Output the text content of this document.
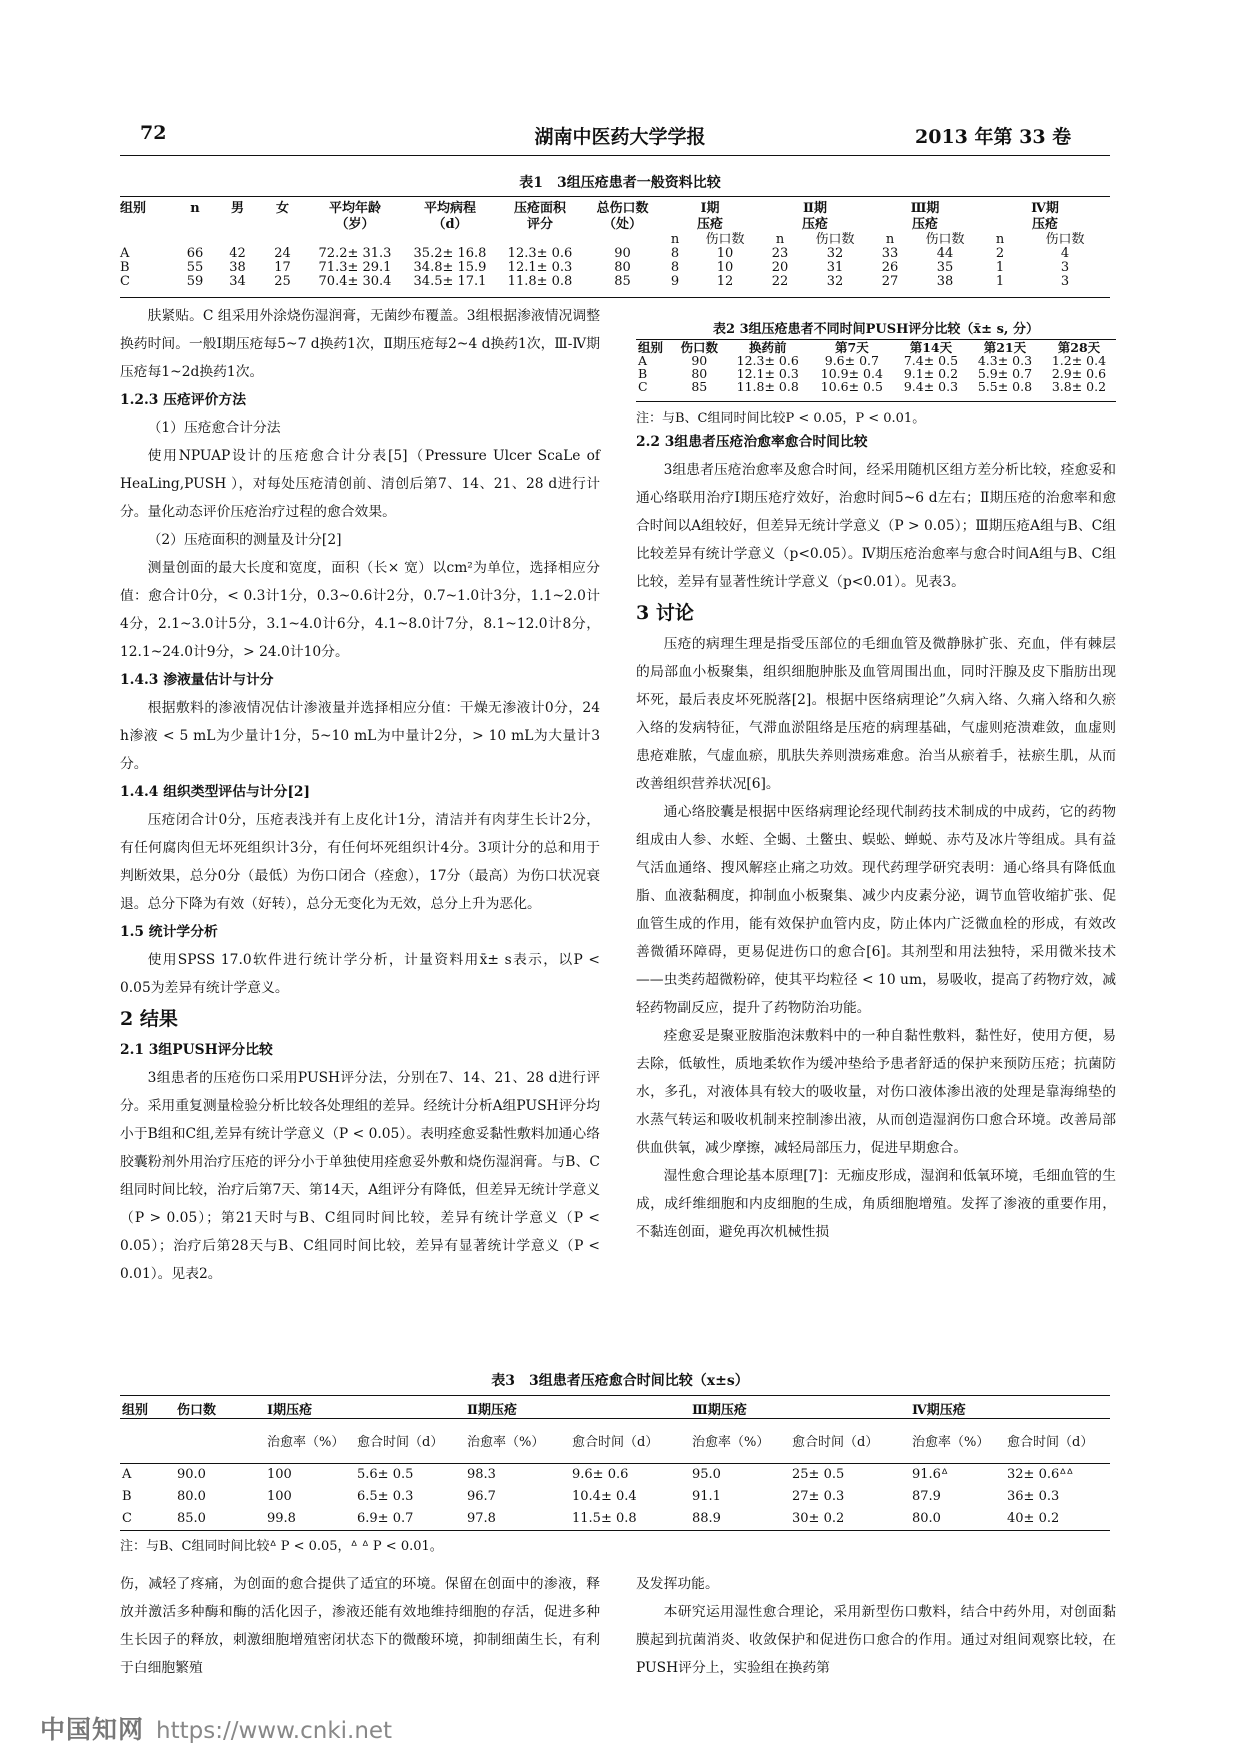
72	湖南中医药大学学报	2013 年第 33 卷
表1　3组压疮患者一般资料比较
组别	n	男	女	平均年龄	平均病程	压疮面积	总伤口数	Ⅰ期		Ⅱ期		Ⅲ期		Ⅳ期	
				（岁）	（d）	评分	（处）	压疮		压疮		压疮		压疮	
								n	伤口数	n	伤口数	n	伤口数	n	伤口数
A	66	42	24	72.2± 31.3	35.2± 16.8	12.3± 0.6	90	8	10	23	32	33	44	2	4
B	55	38	17	71.3± 29.1	34.8± 15.9	12.1± 0.3	80	8	10	20	31	26	35	1	3
C	59	34	25	70.4± 30.4	34.5± 17.1	11.8± 0.8	85	9	12	22	32	27	38	1	3

肤紧贴。C 组采用外涂烧伤湿润膏，无菌纱布覆盖。3组根据渗液情况调整换药时间。一般Ⅰ期压疮每5~7 d换药1次，Ⅱ期压疮每2~4 d换药1次，Ⅲ-Ⅳ期压疮每1~2d换药1次。

1.2.3 压疮评价方法

（1）压疮愈合计分法

使用NPUAP设计的压疮愈合计分表[5]（Pressure Ulcer ScaLe of HeaLing,PUSH ），对每处压疮清创前、清创后第7、14、21、28 d进行计分。量化动态评价压疮治疗过程的愈合效果。

（2）压疮面积的测量及计分[2]

测量创面的最大长度和宽度，面积（长× 宽）以cm²为单位，选择相应分值：愈合计0分，< 0.3计1分，0.3~0.6计2分，0.7~1.0计3分，1.1~2.0计4分，2.1~3.0计5分，3.1~4.0计6分，4.1~8.0计7分，8.1~12.0计8分，12.1~24.0计9分，> 24.0计10分。

1.4.3 渗液量估计与计分

根据敷料的渗液情况估计渗液量并选择相应分值：干燥无渗液计0分，24 h渗液 < 5 mL为少量计1分，5~10 mL为中量计2分，> 10 mL为大量计3分。

1.4.4 组织类型评估与计分[2]

压疮闭合计0分，压疮表浅并有上皮化计1分，清洁并有肉芽生长计2分，有任何腐肉但无坏死组织计3分，有任何坏死组织计4分。3项计分的总和用于判断效果，总分0分（最低）为伤口闭合（痊愈），17分（最高）为伤口状况衰退。总分下降为有效（好转），总分无变化为无效，总分上升为恶化。

1.5 统计学分析

使用SPSS 17.0软件进行统计学分析，计量资料用x̄± s表示，以P < 0.05为差异有统计学意义。

2 结果

2.1 3组PUSH评分比较

3组患者的压疮伤口采用PUSH评分法，分别在7、14、21、28 d进行评分。采用重复测量检验分析比较各处理组的差异。经统计分析A组PUSH评分均小于B组和C组,差异有统计学意义（P < 0.05）。表明痊愈妥黏性敷料加通心络胶囊粉剂外用治疗压疮的评分小于单独使用痊愈妥外敷和烧伤湿润膏。与B、C组同时间比较，治疗后第7天、第14天，A组评分有降低，但差异无统计学意义（P > 0.05）；第21天时与B、C组同时间比较，差异有统计学意义（P < 0.05）；治疗后第28天与B、C组同时间比较，差异有显著统计学意义（P < 0.01）。见表2。

表2 3组压疮患者不同时间PUSH评分比较（x̄± s, 分）
组别	伤口数	换药前	第7天	第14天	第21天	第28天
A	90	12.3± 0.6	9.6± 0.7	7.4± 0.5	4.3± 0.3	1.2± 0.4
B	80	12.1± 0.3	10.9± 0.4	9.1± 0.2	5.9± 0.7	2.9± 0.6
C	85	11.8± 0.8	10.6± 0.5	9.4± 0.3	5.5± 0.8	3.8± 0.2
注：与B、C组同时间比较P < 0.05，P < 0.01。

2.2 3组患者压疮治愈率愈合时间比较

3组患者压疮治愈率及愈合时间，经采用随机区组方差分析比较，痊愈妥和通心络联用治疗Ⅰ期压疮疗效好，治愈时间5~6 d左右；Ⅱ期压疮的治愈率和愈合时间以A组较好，但差异无统计学意义（P > 0.05）；Ⅲ期压疮A组与B、C组比较差异有统计学意义（p<0.05）。Ⅳ期压疮治愈率与愈合时间A组与B、C组比较，差异有显著性统计学意义（p<0.01）。见表3。

3 讨论

压疮的病理生理是指受压部位的毛细血管及微静脉扩张、充血，伴有棘层的局部血小板聚集，组织细胞肿胀及血管周围出血，同时汗腺及皮下脂肪出现坏死，最后表皮坏死脱落[2]。根据中医络病理论”久病入络、久痛入络和久瘀入络的发病特征，气滞血淤阻络是压疮的病理基础，气虚则疮溃难敛，血虚则患疮难脓，气虚血瘀，肌肤失养则溃疡难愈。治当从瘀着手，袪瘀生肌，从而改善组织营养状况[6]。

通心络胶囊是根据中医络病理论经现代制药技术制成的中成药，它的药物组成由人参、水蛭、全蝎、土鳖虫、蜈蚣、蝉蜕、赤芍及冰片等组成。具有益气活血通络、搜风解痉止痛之功效。现代药理学研究表明：通心络具有降低血脂、血液黏稠度，抑制血小板聚集、减少内皮素分泌，调节血管收缩扩张、促血管生成的作用，能有效保护血管内皮，防止体内广泛微血栓的形成，有效改善微循环障碍，更易促进伤口的愈合[6]。其剂型和用法独特，采用微米技术——虫类药超微粉碎，使其平均粒径 < 10 um，易吸收，提高了药物疗效，减轻药物副反应，提升了药物防治功能。

痊愈妥是聚亚胺脂泡沫敷料中的一种自黏性敷料，黏性好，使用方便，易去除，低敏性，质地柔软作为缓冲垫给予患者舒适的保护来预防压疮；抗菌防水，多孔，对液体具有较大的吸收量，对伤口液体渗出液的处理是靠海绵垫的水蒸气转运和吸收机制来控制渗出液，从而创造湿润伤口愈合环境。改善局部供血供氧，减少摩擦，减轻局部压力，促进早期愈合。

湿性愈合理论基本原理[7]：无痂皮形成，湿润和低氧环境，毛细血管的生成，成纤维细胞和内皮细胞的生成，角质细胞增殖。发挥了渗液的重要作用，不黏连创面，避免再次机械性损

表3　3组患者压疮愈合时间比较（x±s）
组别	伤口数	Ⅰ期压疮		Ⅱ期压疮		Ⅲ期压疮		Ⅳ期压疮	
		治愈率（%）	愈合时间（d）	治愈率（%）	愈合时间（d）	治愈率（%）	愈合时间（d）	治愈率（%）	愈合时间（d）
A	90.0	100	5.6± 0.5	98.3	9.6± 0.6	95.0	25± 0.5	91.6ᐞ	32± 0.6ᐞᐞ
B	80.0	100	6.5± 0.3	96.7	10.4± 0.4	91.1	27± 0.3	87.9	36± 0.3
C	85.0	99.8	6.9± 0.7	97.8	11.5± 0.8	88.9	30± 0.2	80.0	40± 0.2
注：与B、C组同时间比较ᐞ P < 0.05，ᐞ ᐞ P < 0.01。

伤，减轻了疼痛，为创面的愈合提供了适宜的环境。保留在创面中的渗液，释放并激活多种酶和酶的活化因子，渗液还能有效地维持细胞的存活，促进多种生长因子的释放，刺激细胞增殖密闭状态下的微酸环境，抑制细菌生长，有利于白细胞繁殖

及发挥功能。

本研究运用湿性愈合理论，采用新型伤口敷料，结合中药外用，对创面黏膜起到抗菌消炎、收敛保护和促进伤口愈合的作用。通过对组间观察比较，在PUSH评分上，实验组在换药第

中国知网 https://www.cnki.net
